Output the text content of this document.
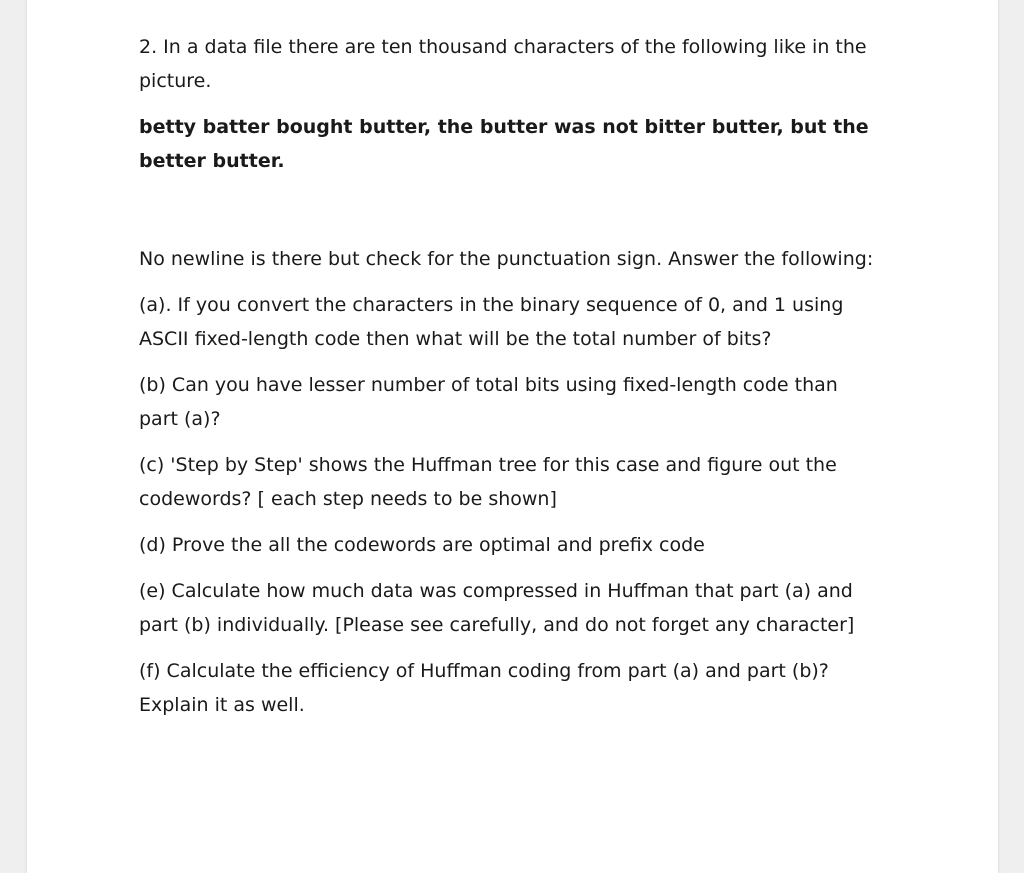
2. In a data file there are ten thousand characters of the following like in the picture.

betty batter bought butter, the butter was not bitter butter, but the better butter.

No newline is there but check for the punctuation sign. Answer the following:

(a). If you convert the characters in the binary sequence of 0, and 1 using ASCII fixed-length code then what will be the total number of bits?

(b) Can you have lesser number of total bits using fixed-length code than part (a)?

(c) 'Step by Step' shows the Huffman tree for this case and figure out the codewords? [ each step needs to be shown]

(d) Prove the all the codewords are optimal and prefix code

(e) Calculate how much data was compressed in Huffman that part (a) and part (b) individually. [Please see carefully, and do not forget any character]

(f) Calculate the efficiency of Huffman coding from part (a) and part (b)? Explain it as well.
